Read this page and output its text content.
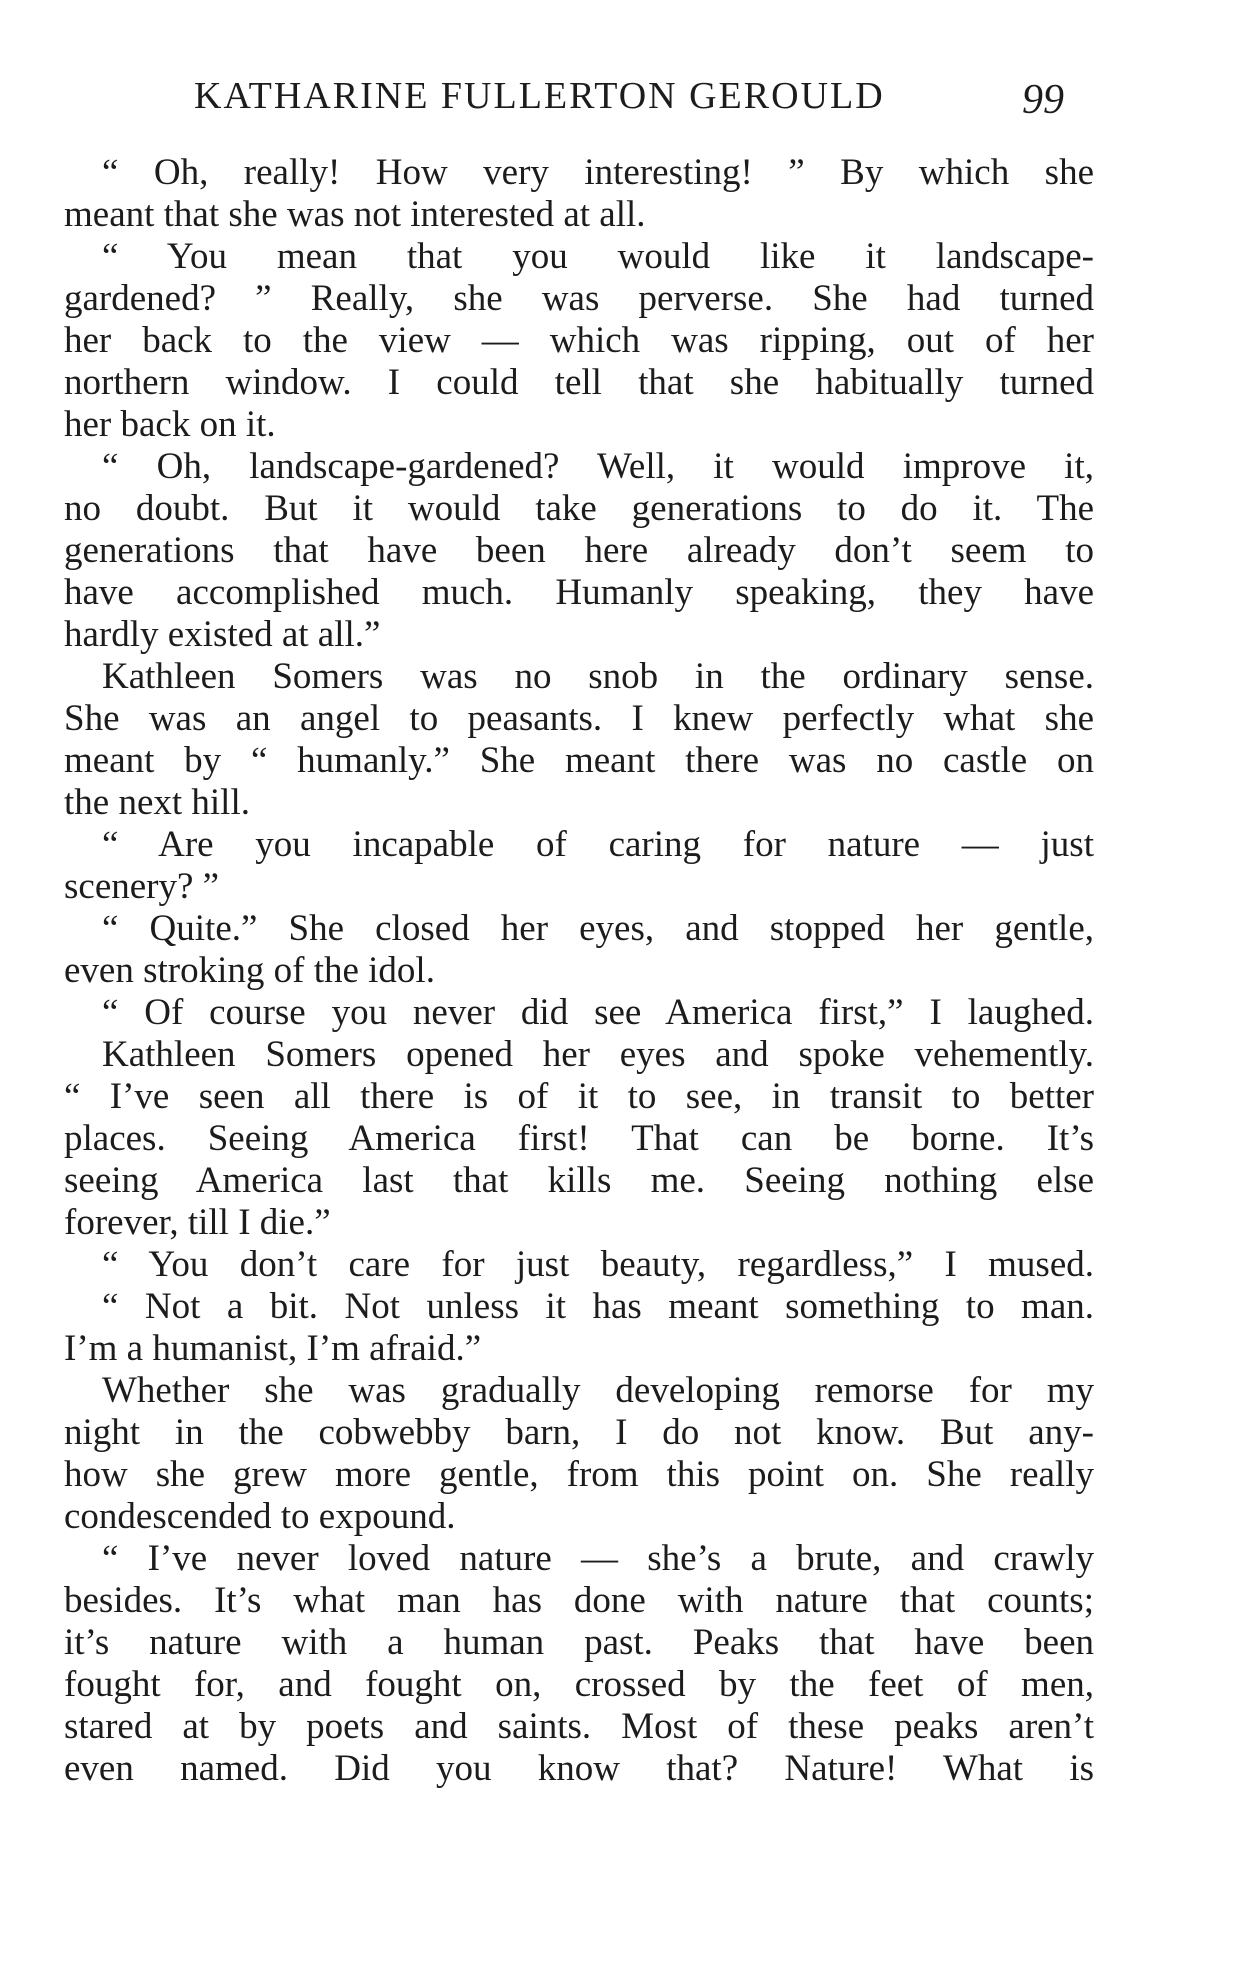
KATHARINE FULLERTON GEROULD	99
“ Oh, really! How very interesting! ” By which she
meant that she was not interested at all.
“ You mean that you would like it landscape-
gardened? ” Really, she was perverse. She had turned
her back to the view — which was ripping, out of her
northern window. I could tell that she habitually turned
her back on it.
“ Oh, landscape-gardened? Well, it would improve it,
no doubt. But it would take generations to do it. The
generations that have been here already don’t seem to
have accomplished much. Humanly speaking, they have
hardly existed at all.”
Kathleen Somers was no snob in the ordinary sense.
She was an angel to peasants. I knew perfectly what she
meant by “ humanly.” She meant there was no castle on
the next hill.
“ Are you incapable of caring for nature — just
scenery? ”
“ Quite.” She closed her eyes, and stopped her gentle,
even stroking of the idol.
“ Of course you never did see America first,” I laughed.
Kathleen Somers opened her eyes and spoke vehemently.
“ I’ve seen all there is of it to see, in transit to better
places. Seeing America first! That can be borne. It’s
seeing America last that kills me. Seeing nothing else
forever, till I die.”
“ You don’t care for just beauty, regardless,” I mused.
“ Not a bit. Not unless it has meant something to man.
I’m a humanist, I’m afraid.”
Whether she was gradually developing remorse for my
night in the cobwebby barn, I do not know. But any-
how she grew more gentle, from this point on. She really
condescended to expound.
“ I’ve never loved nature — she’s a brute, and crawly
besides. It’s what man has done with nature that counts;
it’s nature with a human past. Peaks that have been
fought for, and fought on, crossed by the feet of men,
stared at by poets and saints. Most of these peaks aren’t
even named. Did you know that? Nature! What is
